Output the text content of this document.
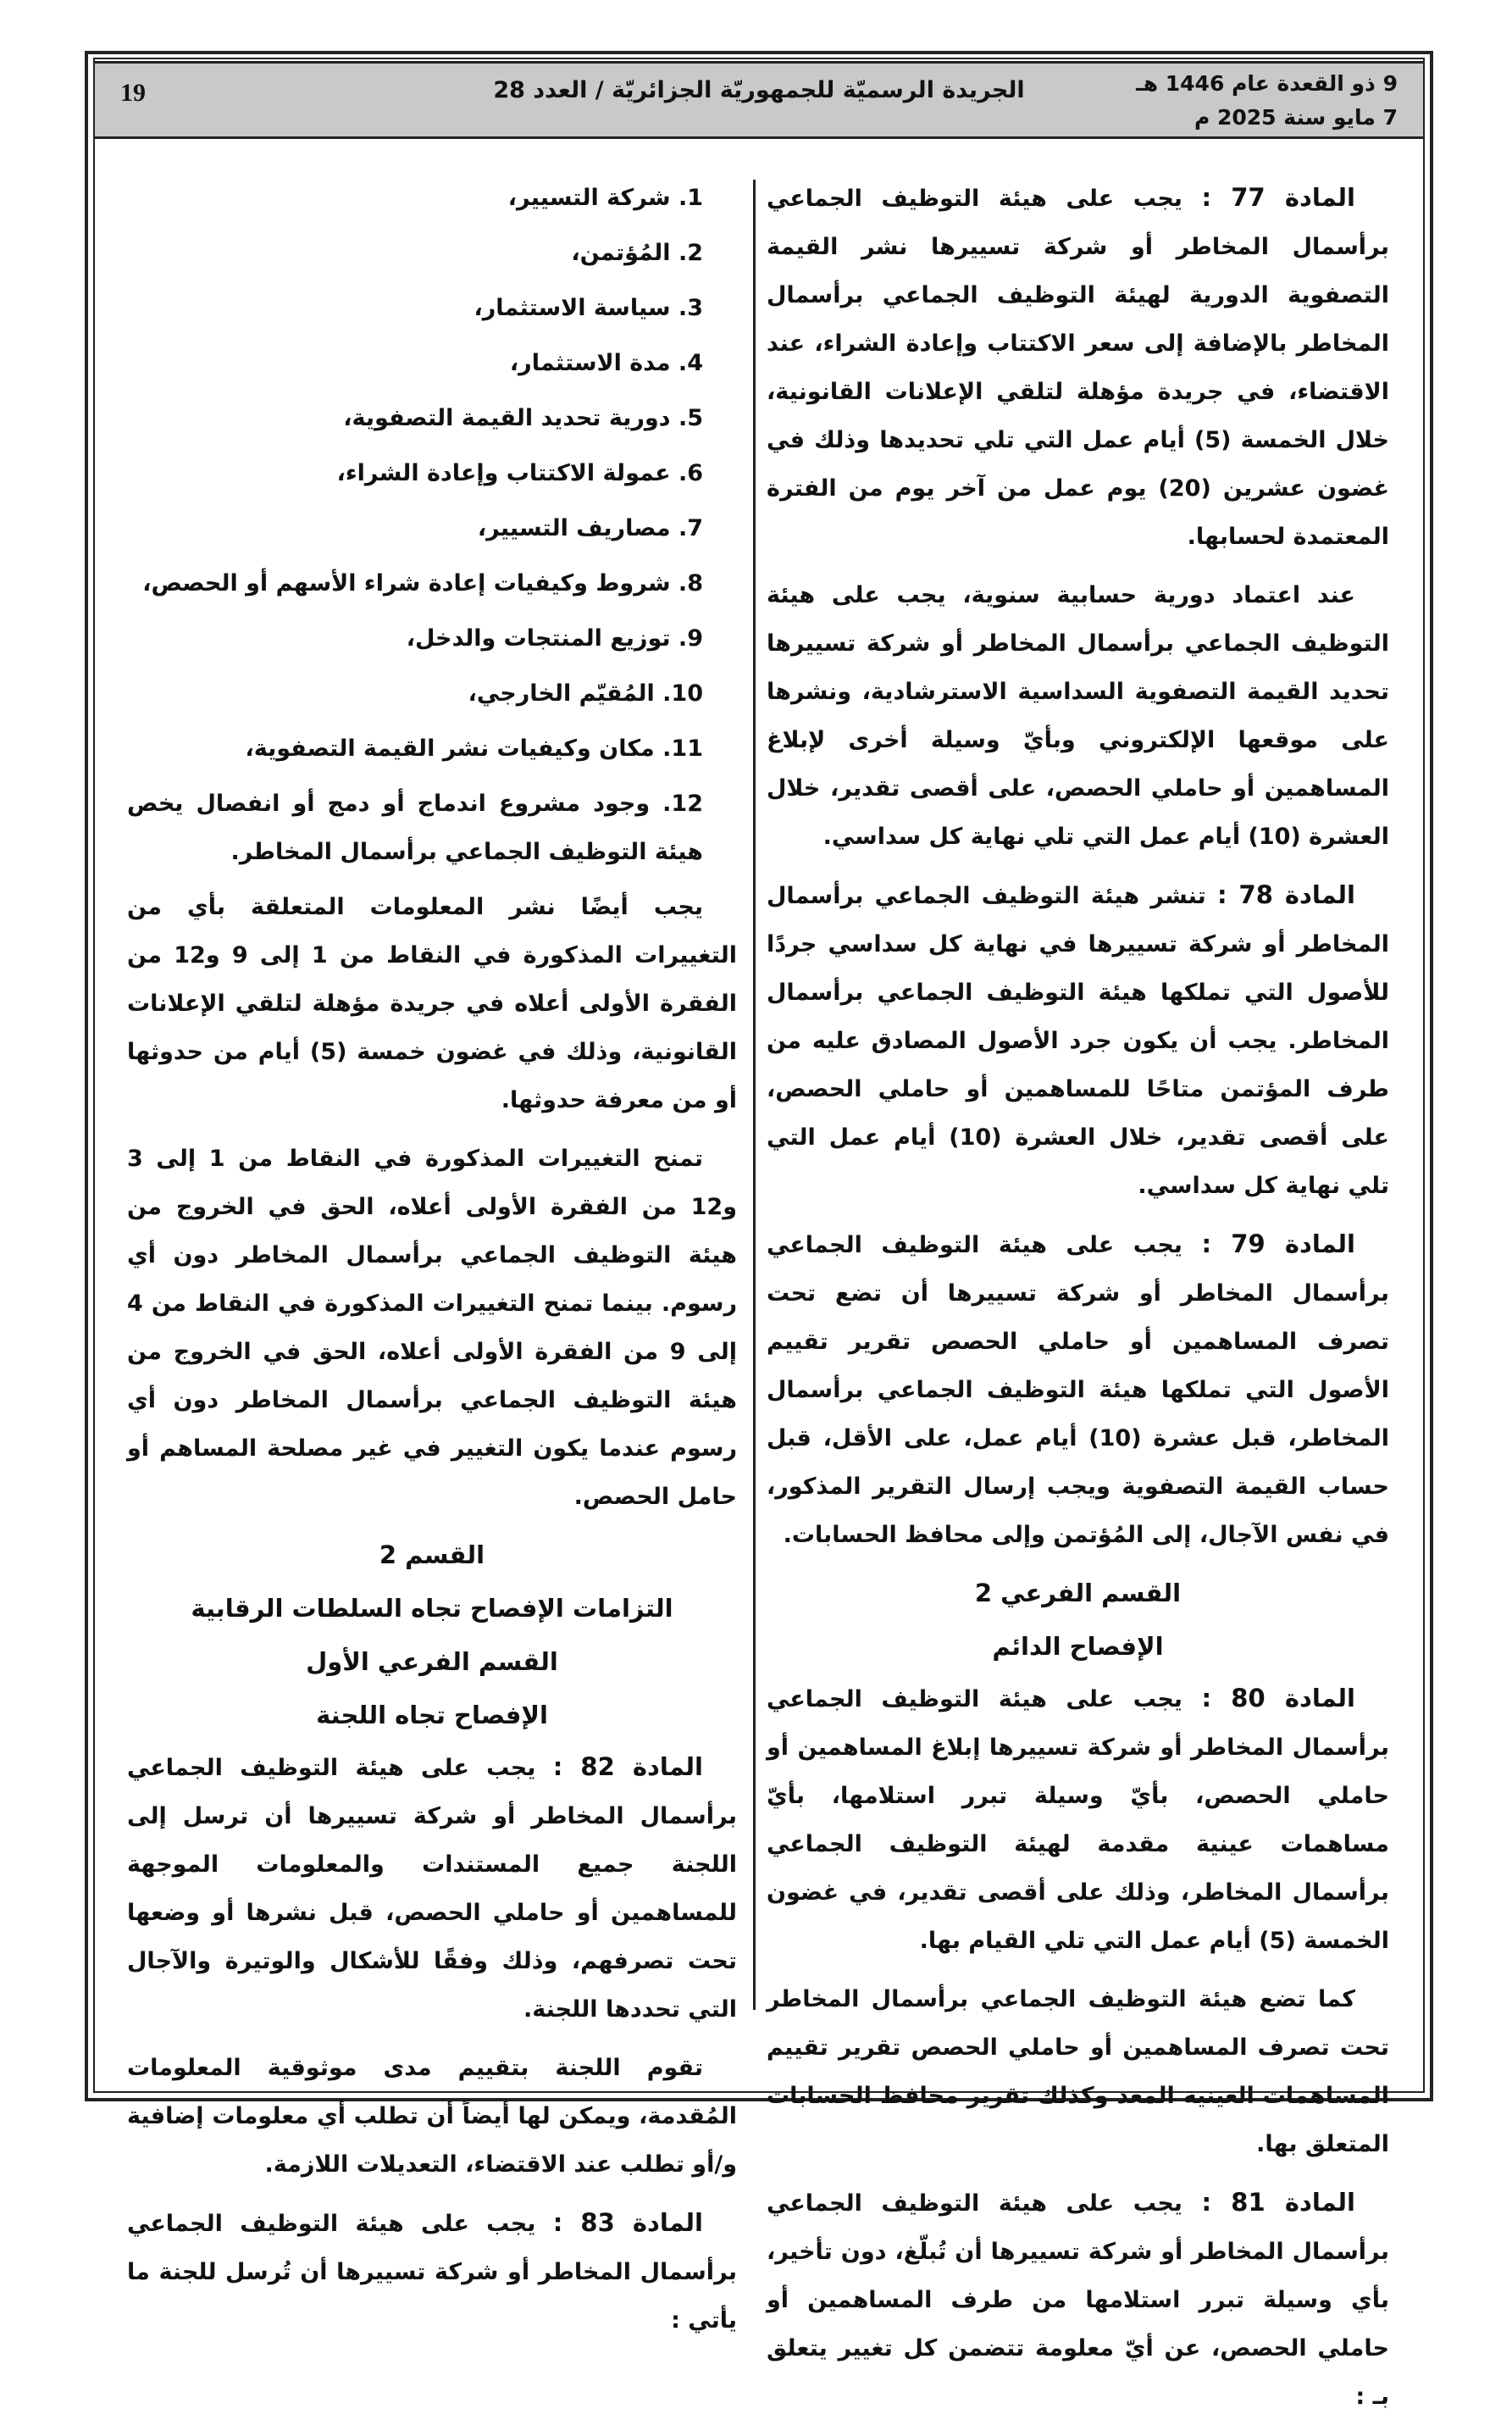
19	الجريدة الرسميّة للجمهوريّة الجزائريّة / العدد 28	9 ذو القعدة عام 1446 هـ
7 مايو سنة 2025 م

المادة 77 : يجب على هيئة التوظيف الجماعي برأسمال المخاطر أو شركة تسييرها نشر القيمة التصفوية الدورية لهيئة التوظيف الجماعي برأسمال المخاطر بالإضافة إلى سعر الاكتتاب وإعادة الشراء، عند الاقتضاء، في جريدة مؤهلة لتلقي الإعلانات القانونية، خلال الخمسة (5) أيام عمل التي تلي تحديدها وذلك في غضون عشرين (20) يوم عمل من آخر يوم من الفترة المعتمدة لحسابها.

عند اعتماد دورية حسابية سنوية، يجب على هيئة التوظيف الجماعي برأسمال المخاطر أو شركة تسييرها تحديد القيمة التصفوية السداسية الاسترشادية، ونشرها على موقعها الإلكتروني وبأيّ وسيلة أخرى لإبلاغ المساهمين أو حاملي الحصص، على أقصى تقدير، خلال العشرة (10) أيام عمل التي تلي نهاية كل سداسي.

المادة 78 : تنشر هيئة التوظيف الجماعي برأسمال المخاطر أو شركة تسييرها في نهاية كل سداسي جردًا للأصول التي تملكها هيئة التوظيف الجماعي برأسمال المخاطر. يجب أن يكون جرد الأصول المصادق عليه من طرف المؤتمن متاحًا للمساهمين أو حاملي الحصص، على أقصى تقدير، خلال العشرة (10) أيام عمل التي تلي نهاية كل سداسي.

المادة 79 : يجب على هيئة التوظيف الجماعي برأسمال المخاطر أو شركة تسييرها أن تضع تحت تصرف المساهمين أو حاملي الحصص تقرير تقييم الأصول التي تملكها هيئة التوظيف الجماعي برأسمال المخاطر، قبل عشرة (10) أيام عمل، على الأقل، قبل حساب القيمة التصفوية ويجب إرسال التقرير المذكور، في نفس الآجال، إلى المُؤتمن وإلى محافظ الحسابات.

القسم الفرعي 2

الإفصاح الدائم

المادة 80 : يجب على هيئة التوظيف الجماعي برأسمال المخاطر أو شركة تسييرها إبلاغ المساهمين أو حاملي الحصص، بأيّ وسيلة تبرر استلامها، بأيّ مساهمات عينية مقدمة لهيئة التوظيف الجماعي برأسمال المخاطر، وذلك على أقصى تقدير، في غضون الخمسة (5) أيام عمل التي تلي القيام بها.

كما تضع هيئة التوظيف الجماعي برأسمال المخاطر تحت تصرف المساهمين أو حاملي الحصص تقرير تقييم المساهمات العينية المعد وكذلك تقرير محافظ الحسابات المتعلق بها.

المادة 81 : يجب على هيئة التوظيف الجماعي برأسمال المخاطر أو شركة تسييرها أن تُبلّغ، دون تأخير، بأي وسيلة تبرر استلامها من طرف المساهمين أو حاملي الحصص، عن أيّ معلومة تتضمن كل تغيير يتعلق بـ :

1. شركة التسيير،

2. المُؤتمن،

3. سياسة الاستثمار،

4. مدة الاستثمار،

5. دورية تحديد القيمة التصفوية،

6. عمولة الاكتتاب وإعادة الشراء،

7. مصاريف التسيير،

8. شروط وكيفيات إعادة شراء الأسهم أو الحصص،

9. توزيع المنتجات والدخل،

10. المُقيّم الخارجي،

11. مكان وكيفيات نشر القيمة التصفوية،

12. وجود مشروع اندماج أو دمج أو انفصال يخص هيئة التوظيف الجماعي برأسمال المخاطر.

يجب أيضًا نشر المعلومات المتعلقة بأي من التغييرات المذكورة في النقاط من 1 إلى 9 و12 من الفقرة الأولى أعلاه في جريدة مؤهلة لتلقي الإعلانات القانونية، وذلك في غضون خمسة (5) أيام من حدوثها أو من معرفة حدوثها.

تمنح التغييرات المذكورة في النقاط من 1 إلى 3 و12 من الفقرة الأولى أعلاه، الحق في الخروج من هيئة التوظيف الجماعي برأسمال المخاطر دون أي رسوم. بينما تمنح التغييرات المذكورة في النقاط من 4 إلى 9 من الفقرة الأولى أعلاه، الحق في الخروج من هيئة التوظيف الجماعي برأسمال المخاطر دون أي رسوم عندما يكون التغيير في غير مصلحة المساهم أو حامل الحصص.

القسم 2

التزامات الإفصاح تجاه السلطات الرقابية

القسم الفرعي الأول

الإفصاح تجاه اللجنة

المادة 82 : يجب على هيئة التوظيف الجماعي برأسمال المخاطر أو شركة تسييرها أن ترسل إلى اللجنة جميع المستندات والمعلومات الموجهة للمساهمين أو حاملي الحصص، قبل نشرها أو وضعها تحت تصرفهم، وذلك وفقًا للأشكال والوتيرة والآجال التي تحددها اللجنة.

تقوم اللجنة بتقييم مدى موثوقية المعلومات المُقدمة، ويمكن لها أيضاً أن تطلب أي معلومات إضافية و/أو تطلب عند الاقتضاء، التعديلات اللازمة.

المادة 83 : يجب على هيئة التوظيف الجماعي برأسمال المخاطر أو شركة تسييرها أن تُرسل للجنة ما يأتي :
